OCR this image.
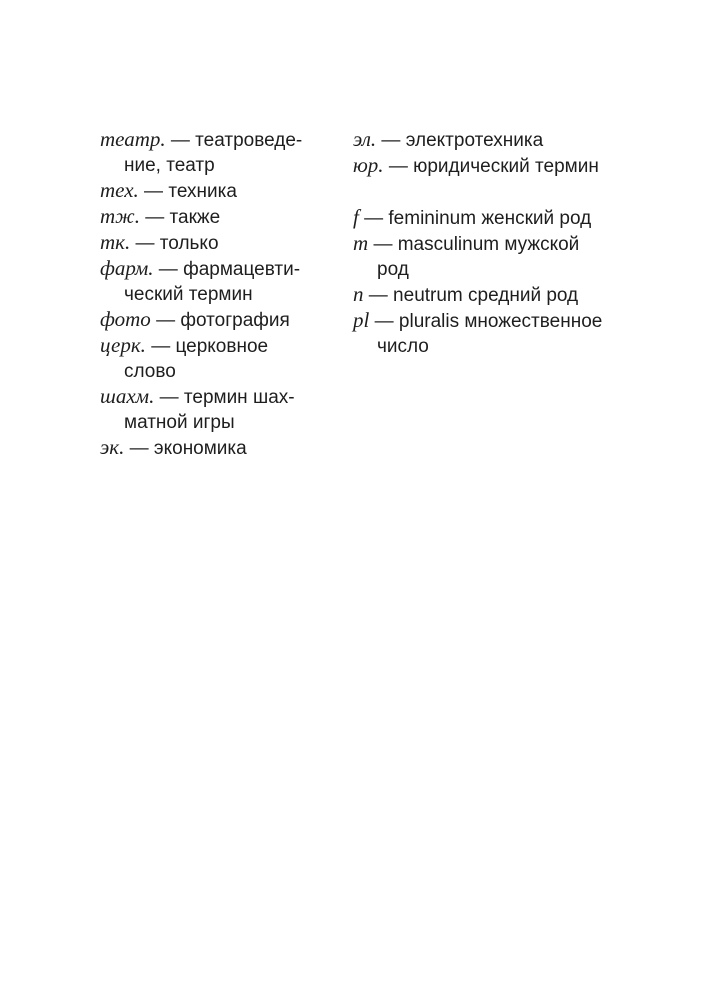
театр. — театроведение, театр
тех. — техника
тж. — также
тк. — только
фарм. — фармацевтический термин
фото — фотография
церк. — церковное слово
шахм. — термин шахматной игры
эк. — экономика
эл. — электротехника
юр. — юридический термин
f — femininum женский род
m — masculinum мужской род
n — neutrum средний род
pl — pluralis множественное число
